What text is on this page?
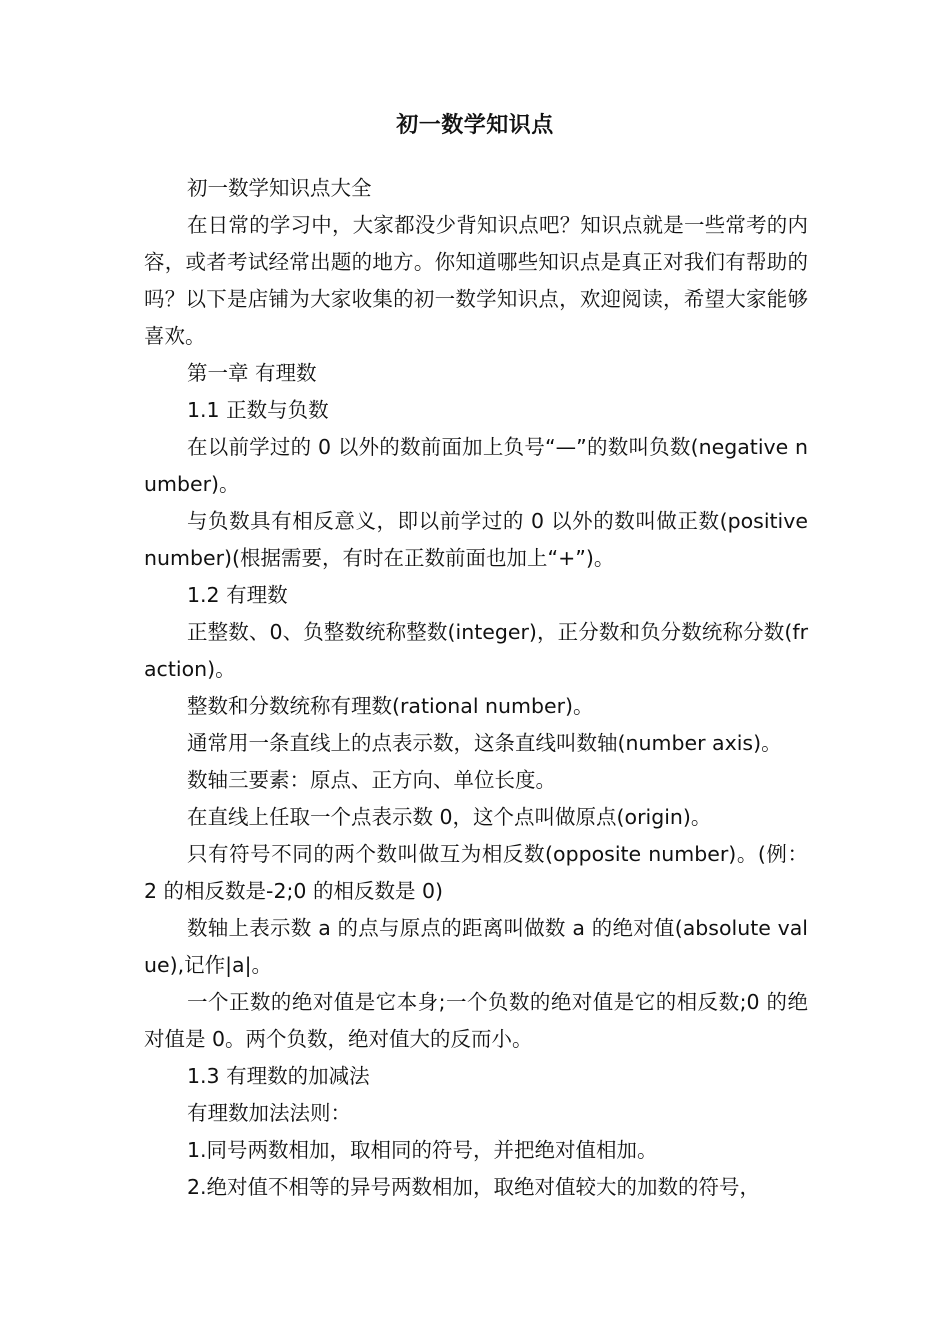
初一数学知识点

初一数学知识点大全

在日常的学习中，大家都没少背知识点吧？知识点就是一些常考的内容，或者考试经常出题的地方。你知道哪些知识点是真正对我们有帮助的吗？以下是店铺为大家收集的初一数学知识点，欢迎阅读，希望大家能够喜欢。

第一章 有理数

1.1 正数与负数

在以前学过的 0 以外的数前面加上负号“—”的数叫负数(negative number)。

与负数具有相反意义，即以前学过的 0 以外的数叫做正数(positive number)(根据需要，有时在正数前面也加上“+”)。

1.2 有理数

正整数、0、负整数统称整数(integer)，正分数和负分数统称分数(fraction)。

整数和分数统称有理数(rational number)。

通常用一条直线上的点表示数，这条直线叫数轴(number axis)。

数轴三要素：原点、正方向、单位长度。

在直线上任取一个点表示数 0，这个点叫做原点(origin)。

只有符号不同的两个数叫做互为相反数(opposite number)。(例：2 的相反数是-2;0 的相反数是 0)

数轴上表示数 a 的点与原点的距离叫做数 a 的绝对值(absolute value),记作|a|。

一个正数的绝对值是它本身;一个负数的绝对值是它的相反数;0 的绝对值是 0。两个负数，绝对值大的反而小。

1.3 有理数的加减法

有理数加法法则：

1.同号两数相加，取相同的符号，并把绝对值相加。

2.绝对值不相等的异号两数相加，取绝对值较大的加数的符号，
